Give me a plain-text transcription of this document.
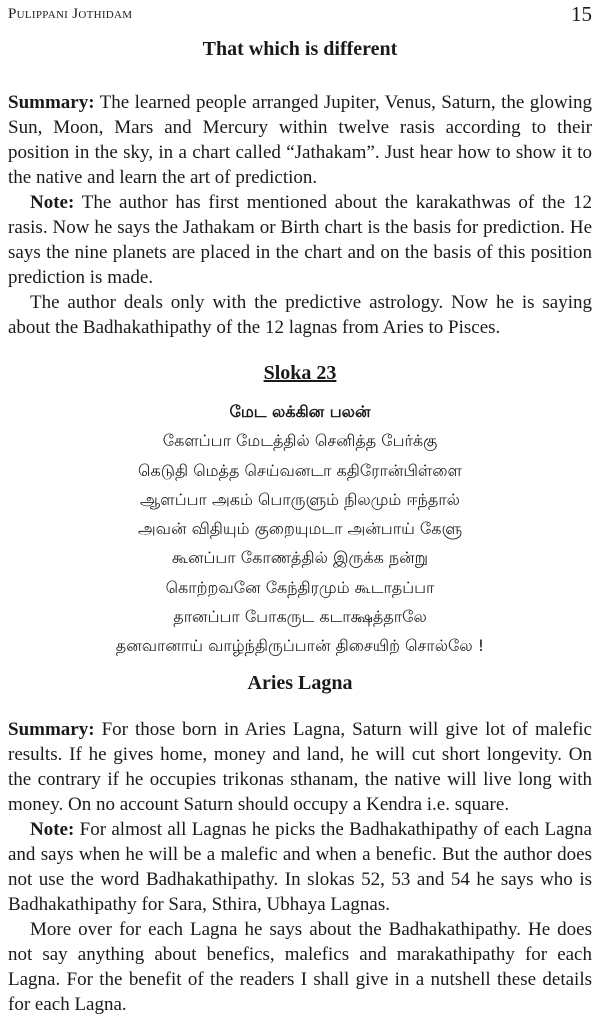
Pulippani Jothidam	15
That which is different

Summary: The learned people arranged Jupiter, Venus, Saturn, the glowing Sun, Moon, Mars and Mercury within twelve rasis according to their position in the sky, in a chart called “Jathakam”. Just hear how to show it to the native and learn the art of prediction.

Note: The author has first mentioned about the karakathwas of the 12 rasis. Now he says the Jathakam or Birth chart is the basis for prediction. He says the nine planets are placed in the chart and on the basis of this position prediction is made.

The author deals only with the predictive astrology. Now he is saying about the Badhakathipathy of the 12 lagnas from Aries to Pisces.

Sloka 23
மேட லக்கின பலன்
கேளப்பா மேடத்தில் செனித்த பேர்க்கு
கெடுதி மெத்த செய்வனடா கதிரோன்பிள்ளை
ஆளப்பா அகம் பொருளும் நிலமும் ஈந்தால்
அவன் விதியும் குறையுமடா அன்பாய் கேளு
கூனப்பா கோணத்தில் இருக்க நன்று
கொற்றவனே கேந்திரமும் கூடாதப்பா
தானப்பா போகருட கடாக்ஷத்தாலே
தனவானாய் வாழ்ந்திருப்பான் திசையிற் சொல்லே !
Aries Lagna

Summary: For those born in Aries Lagna, Saturn will give lot of malefic results. If he gives home, money and land, he will cut short longevity. On the contrary if he occupies trikonas sthanam, the native will live long with money. On no account Saturn should occupy a Kendra i.e. square.

Note: For almost all Lagnas he picks the Badhakathipathy of each Lagna and says when he will be a malefic and when a benefic. But the author does not use the word Badhakathipathy. In slokas 52, 53 and 54 he says who is Badhakathipathy for Sara, Sthira, Ubhaya Lagnas.

More over for each Lagna he says about the Badhakathipathy. He does not say anything about benefics, malefics and marakathipathy for each Lagna. For the benefit of the readers I shall give in a nutshell these details for each Lagna.
